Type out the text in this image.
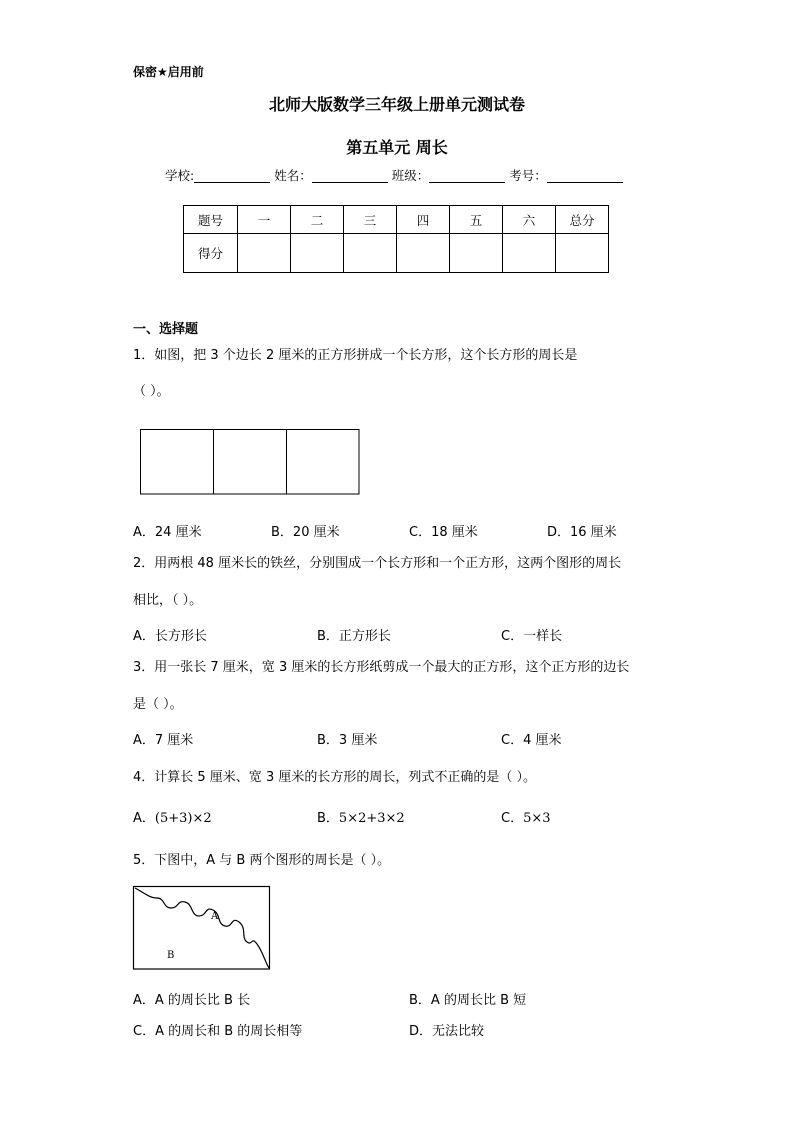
保密★启用前
北师大版数学三年级上册单元测试卷
第五单元 周长
学校:	姓名：	班级：	考号：
题号	一	二	三	四	五	六	总分
得分							
一、选择题
1．如图，把 3 个边长 2 厘米的正方形拼成一个长方形，这个长方形的周长是
（ ）。
A．24 厘米	B．20 厘米	C．18 厘米	D．16 厘米
2．用两根 48 厘米长的铁丝，分别围成一个长方形和一个正方形，这两个图形的周长
相比，（ ）。
A．长方形长	B．正方形长	C．一样长
3．用一张长 7 厘米，宽 3 厘米的长方形纸剪成一个最大的正方形，这个正方形的边长
是（ ）。
A．7 厘米	B．3 厘米	C．4 厘米
4．计算长 5 厘米、宽 3 厘米的长方形的周长，列式不正确的是（ ）。
A．(5+3)×2	B．5×2+3×2	C．5×3
5．下图中，A 与 B 两个图形的周长是（ ）。
A
B
A．A 的周长比 B 长	B．A 的周长比 B 短
C．A 的周长和 B 的周长相等	D．无法比较
